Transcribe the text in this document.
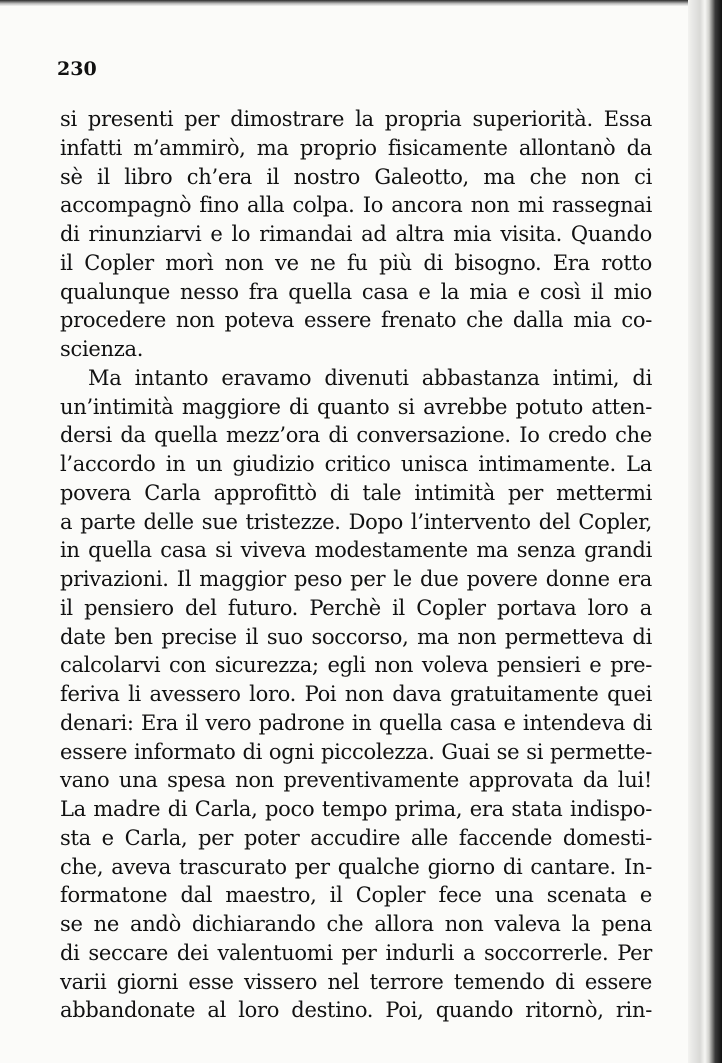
230

si presenti per dimostrare la propria superiorità. Essa
infatti m’ammirò, ma proprio fisicamente allontanò da
sè il libro ch’era il nostro Galeotto, ma che non ci
accompagnò fino alla colpa. Io ancora non mi rassegnai
di rinunziarvi e lo rimandai ad altra mia visita. Quando
il Copler morì non ve ne fu più di bisogno. Era rotto
qualunque nesso fra quella casa e la mia e così il mio
procedere non poteva essere frenato che dalla mia co-
scienza.
Ma intanto eravamo divenuti abbastanza intimi, di
un’intimità maggiore di quanto si avrebbe potuto atten-
dersi da quella mezz’ora di conversazione. Io credo che
l’accordo in un giudizio critico unisca intimamente. La
povera Carla approfittò di tale intimità per mettermi
a parte delle sue tristezze. Dopo l’intervento del Copler,
in quella casa si viveva modestamente ma senza grandi
privazioni. Il maggior peso per le due povere donne era
il pensiero del futuro. Perchè il Copler portava loro a
date ben precise il suo soccorso, ma non permetteva di
calcolarvi con sicurezza; egli non voleva pensieri e pre-
feriva li avessero loro. Poi non dava gratuitamente quei
denari: Era il vero padrone in quella casa e intendeva di
essere informato di ogni piccolezza. Guai se si permette-
vano una spesa non preventivamente approvata da lui!
La madre di Carla, poco tempo prima, era stata indispo-
sta e Carla, per poter accudire alle faccende domesti-
che, aveva trascurato per qualche giorno di cantare. In-
formatone dal maestro, il Copler fece una scenata e
se ne andò dichiarando che allora non valeva la pena
di seccare dei valentuomi per indurli a soccorrerle. Per
varii giorni esse vissero nel terrore temendo di essere
abbandonate al loro destino. Poi, quando ritornò, rin-
